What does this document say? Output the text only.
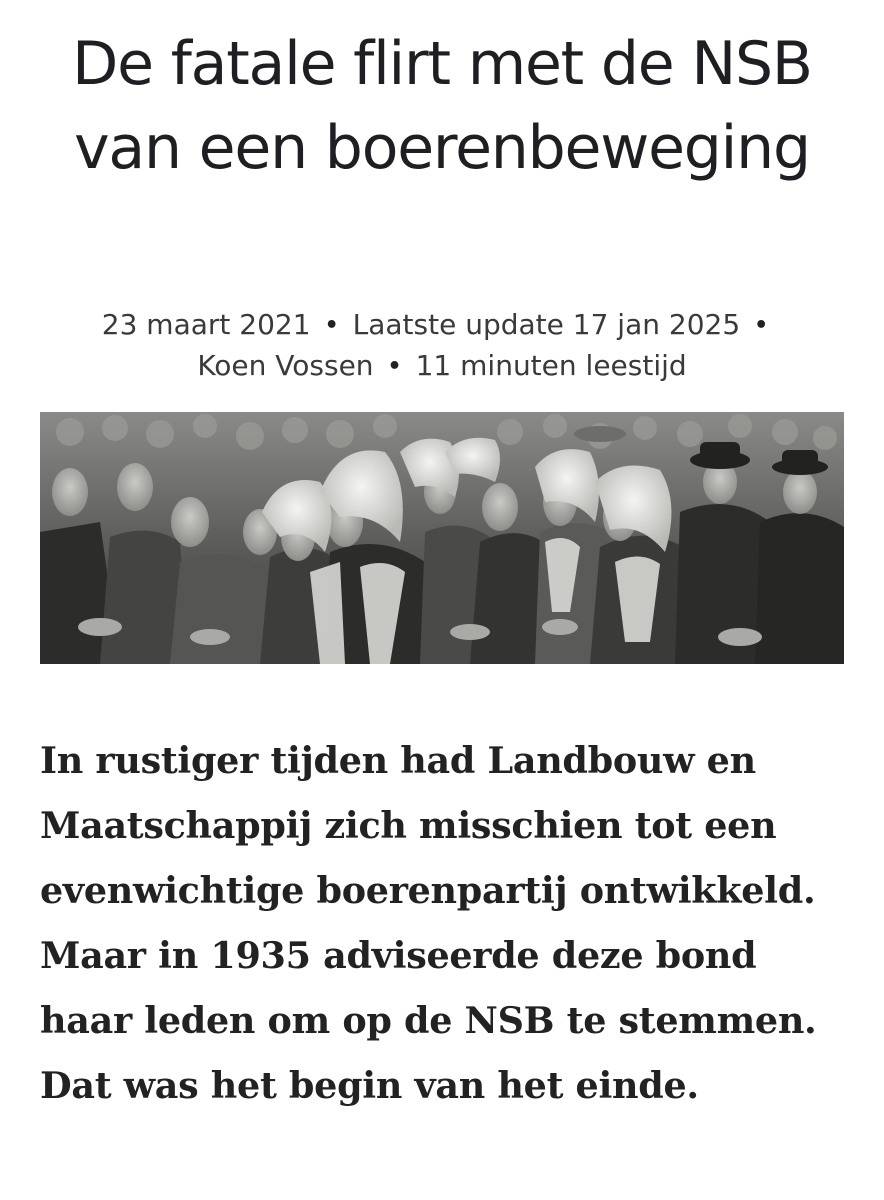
De fatale flirt met de NSB van een boerenbeweging
23 maart 2021 • Laatste update 17 jan 2025 •
Koen Vossen • 11 minuten leestijd

In rustiger tijden had Landbouw en Maatschappij zich misschien tot een evenwichtige boerenpartij ontwikkeld. Maar in 1935 adviseerde deze bond haar leden om op de NSB te stemmen. Dat was het begin van het einde.
